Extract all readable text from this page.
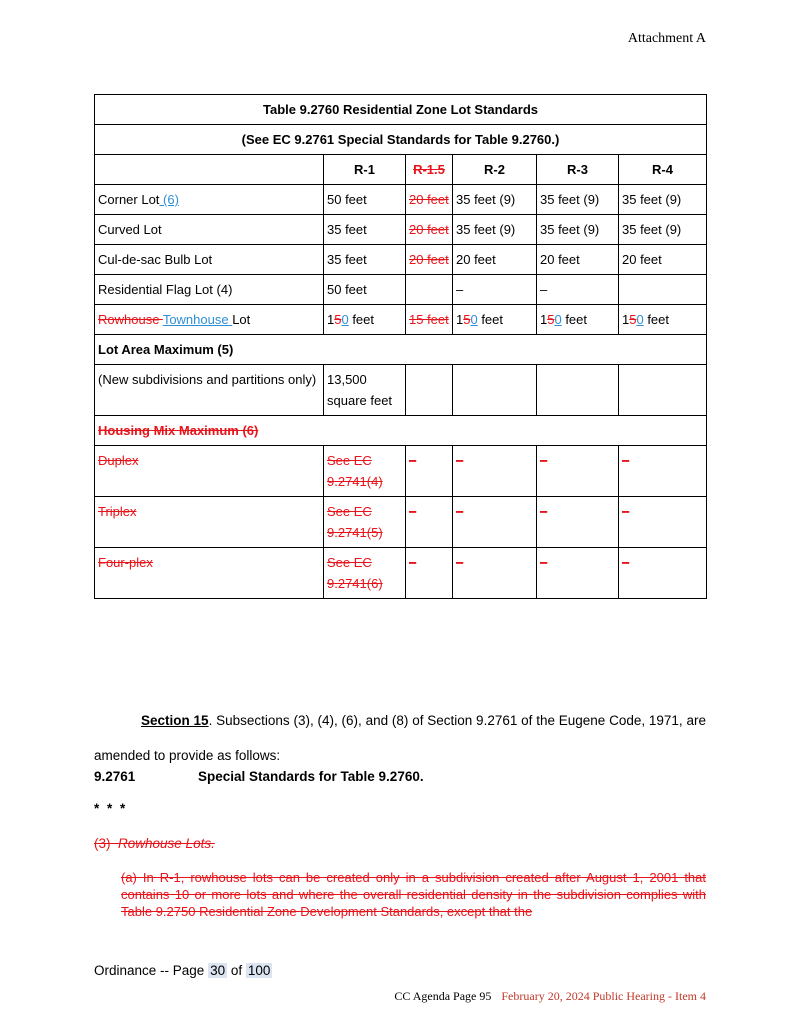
Attachment A
Table 9.2760 Residential Zone Lot Standards					
(See EC 9.2761 Special Standards for Table 9.2760.)					
	R-1	R-1.5	R-2	R-3	R-4
Corner Lot (6)	50 feet	20 feet	35 feet (9)	35 feet (9)	35 feet (9)
Curved Lot	35 feet	20 feet	35 feet (9)	35 feet (9)	35 feet (9)
Cul-de-sac Bulb Lot	35 feet	20 feet	20 feet	20 feet	20 feet
Residential Flag Lot (4)	50 feet		–	–	
Rowhouse Townhouse Lot	150 feet	15 feet	150 feet	150 feet	150 feet
Lot Area Maximum (5)					
(New subdivisions and partitions only)	13,500 square feet				
Housing Mix Maximum (6)					
Duplex	See EC 9.2741(4)	–	–	–	–
Triplex	See EC 9.2741(5)	–	–	–	–
Four-plex	See EC 9.2741(6)	–	–	–	–
Section 15. Subsections (3), (4), (6), and (8) of Section 9.2761 of the Eugene Code, 1971, are amended to provide as follows:
9.2761	Special Standards for Table 9.2760.
* * *
(3) Rowhouse Lots.
(a) In R-1, rowhouse lots can be created only in a subdivision created after August 1, 2001 that contains 10 or more lots and where the overall residential density in the subdivision complies with Table 9.2750 Residential Zone Development Standards, except that the
Ordinance -- Page 30 of 100
CC Agenda Page 95 February 20, 2024 Public Hearing - Item 4
